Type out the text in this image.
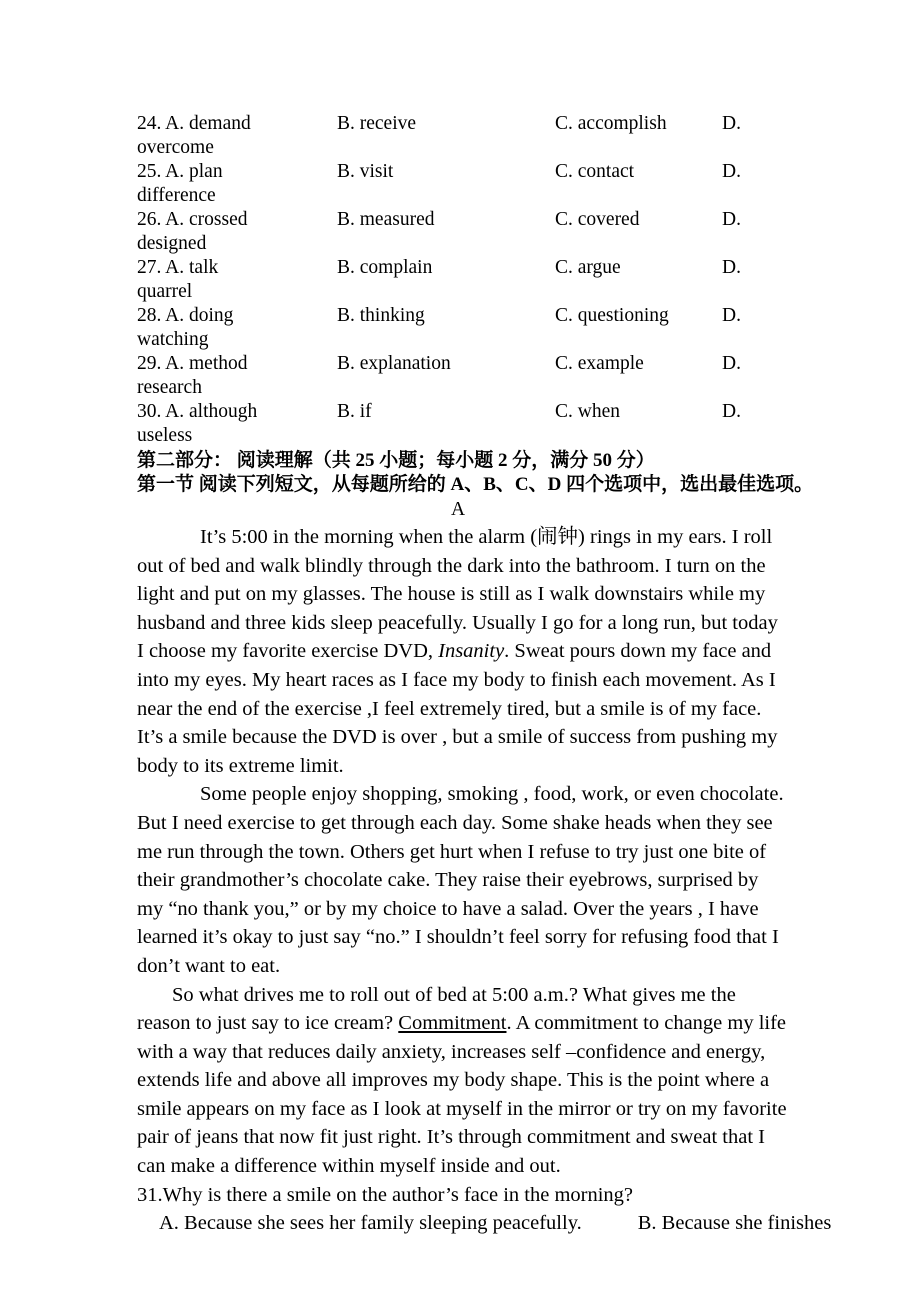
24. A. demand	B. receive	C. accomplish	D.
overcome
25. A. plan	B. visit	C. contact	D.
difference
26. A. crossed	B. measured	C. covered	D.
designed
27. A. talk	B. complain	C. argue	D.
quarrel
28. A. doing	B. thinking	C. questioning	D.
watching
29. A. method	B. explanation	C. example	D.
research
30. A. although	B. if	C. when	D.
useless
第二部分： 阅读理解（共 25 小题；每小题 2 分，满分 50 分）
第一节 阅读下列短文，从每题所给的 A、B、C、D 四个选项中，选出最佳选项。
A

It’s 5:00 in the morning when the alarm (闹钟) rings in my ears. I roll out of bed and walk blindly through the dark into the bathroom. I turn on the light and put on my glasses. The house is still as I walk downstairs while my husband and three kids sleep peacefully. Usually I go for a long run, but today I choose my favorite exercise DVD, Insanity. Sweat pours down my face and into my eyes. My heart races as I face my body to finish each movement. As I near the end of the exercise ,I feel extremely tired, but a smile is of my face. It’s a smile because the DVD is over , but a smile of success from pushing my body to its extreme limit.

Some people enjoy shopping, smoking , food, work, or even chocolate. But I need exercise to get through each day. Some shake heads when they see me run through the town. Others get hurt when I refuse to try just one bite of their grandmother’s chocolate cake. They raise their eyebrows, surprised by my “no thank you,” or by my choice to have a salad. Over the years , I have learned it’s okay to just say “no.” I shouldn’t feel sorry for refusing food that I don’t want to eat.

So what drives me to roll out of bed at 5:00 a.m.? What gives me the reason to just say to ice cream? Commitment. A commitment to change my life with a way that reduces daily anxiety, increases self –confidence and energy, extends life and above all improves my body shape. This is the point where a smile appears on my face as I look at myself in the mirror or try on my favorite pair of jeans that now fit just right. It’s through commitment and sweat that I can make a difference within myself inside and out.

31.Why is there a smile on the author’s face in the morning?

A. Because she sees her family sleeping peacefully.	B. Because she finishes
